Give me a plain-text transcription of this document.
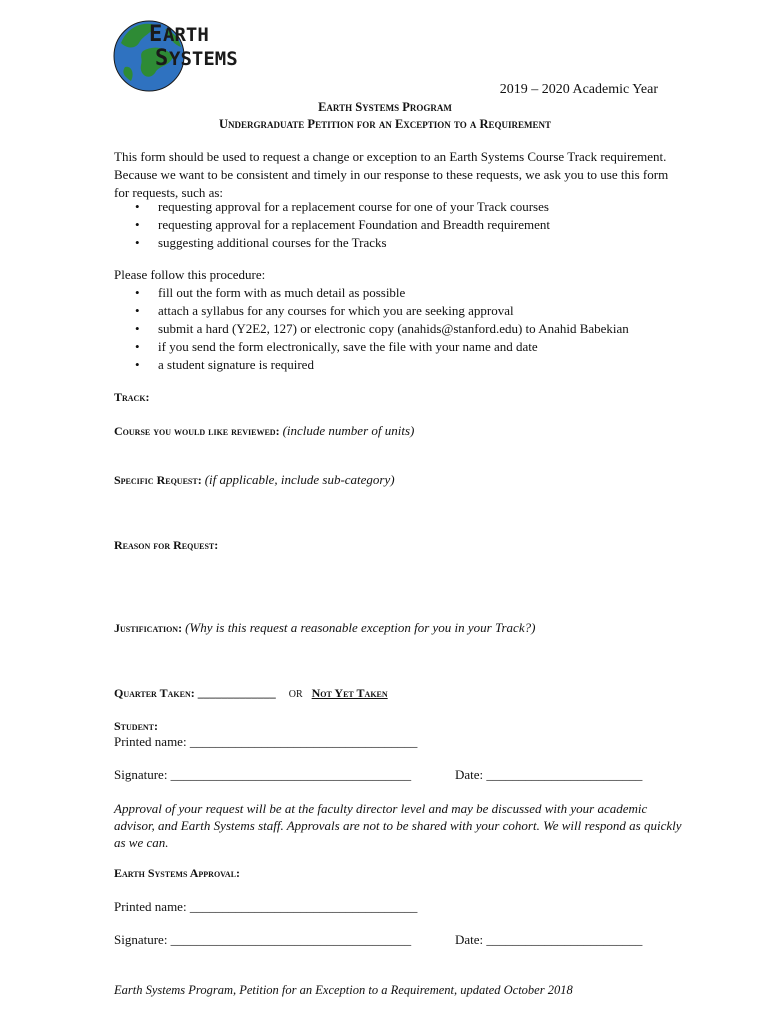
E ARTH
S YSTEMS
2019 – 2020 Academic Year
Earth Systems Program
Undergraduate Petition for an Exception to a Requirement
This form should be used to request a change or exception to an Earth Systems Course Track requirement. Because we want to be consistent and timely in our response to these requests, we ask you to use this form for requests, such as:
• requesting approval for a replacement course for one of your Track courses
• requesting approval for a replacement Foundation and Breadth requirement
• suggesting additional courses for the Tracks
Please follow this procedure:
• fill out the form with as much detail as possible
• attach a syllabus for any courses for which you are seeking approval
• submit a hard (Y2E2, 127) or electronic copy (anahids@stanford.edu) to Anahid Babekian
• if you send the form electronically, save the file with your name and date
• a student signature is required
Track:
Course you would like reviewed: (include number of units)
Specific Request: (if applicable, include sub-category)
Reason for Request:
Justification: (Why is this request a reasonable exception for you in your Track?)
Quarter Taken: _____________ OR Not Yet Taken
Student:
Printed name: ___________________________________
Signature: _____________________________________	Date: ________________________
Approval of your request will be at the faculty director level and may be discussed with your academic advisor, and Earth Systems staff. Approvals are not to be shared with your cohort. We will respond as quickly as we can.
Earth Systems Approval:
Printed name: ___________________________________
Signature: _____________________________________	Date: ________________________
Earth Systems Program, Petition for an Exception to a Requirement, updated October 2018
